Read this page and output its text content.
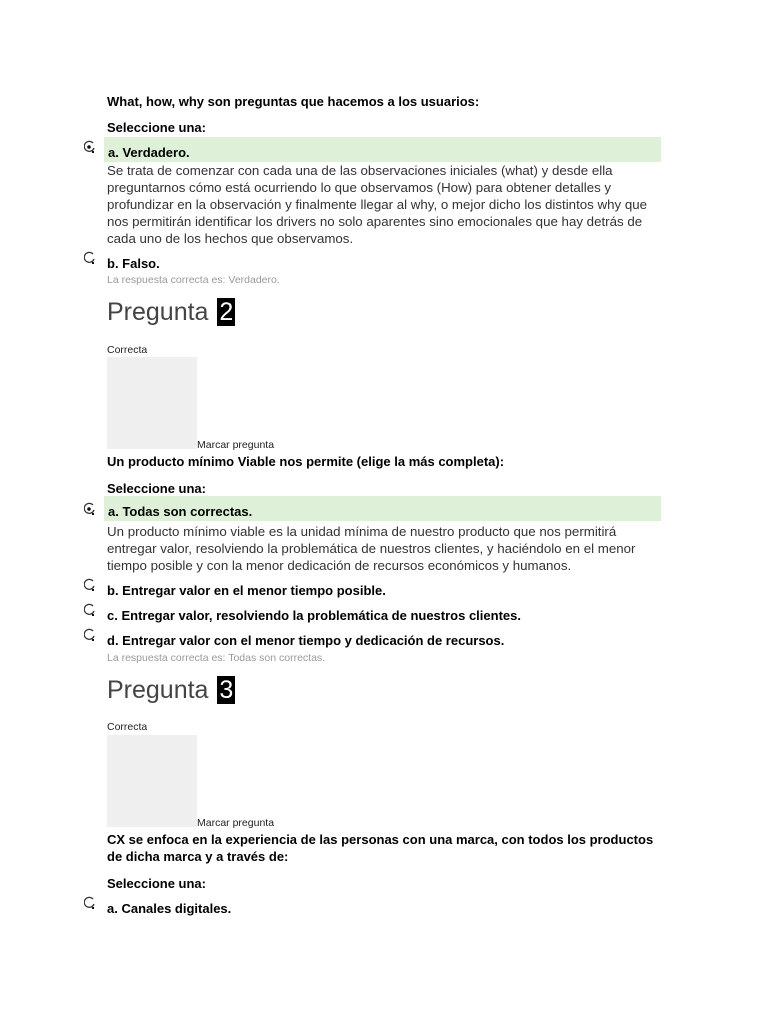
What, how, why son preguntas que hacemos a los usuarios:
Seleccione una:
a. Verdadero.
Se trata de comenzar con cada una de las observaciones iniciales (what) y desde ella preguntarnos cómo está ocurriendo lo que observamos (How) para obtener detalles y profundizar en la observación y finalmente llegar al why, o mejor dicho los distintos why que nos permitirán identificar los drivers no solo aparentes sino emocionales que hay detrás de cada uno de los hechos que observamos.
b. Falso.
La respuesta correcta es: Verdadero.
Pregunta 2
Correcta
Marcar pregunta
Un producto mínimo Viable nos permite (elige la más completa):
Seleccione una:
a. Todas son correctas.
Un producto mínimo viable es la unidad mínima de nuestro producto que nos permitirá entregar valor, resolviendo la problemática de nuestros clientes, y haciéndolo en el menor tiempo posible y con la menor dedicación de recursos económicos y humanos.
b. Entregar valor en el menor tiempo posible.
c. Entregar valor, resolviendo la problemática de nuestros clientes.
d. Entregar valor con el menor tiempo y dedicación de recursos.
La respuesta correcta es: Todas son correctas.
Pregunta 3
Correcta
Marcar pregunta
CX se enfoca en la experiencia de las personas con una marca, con todos los productos de dicha marca y a través de:
Seleccione una:
a. Canales digitales.
